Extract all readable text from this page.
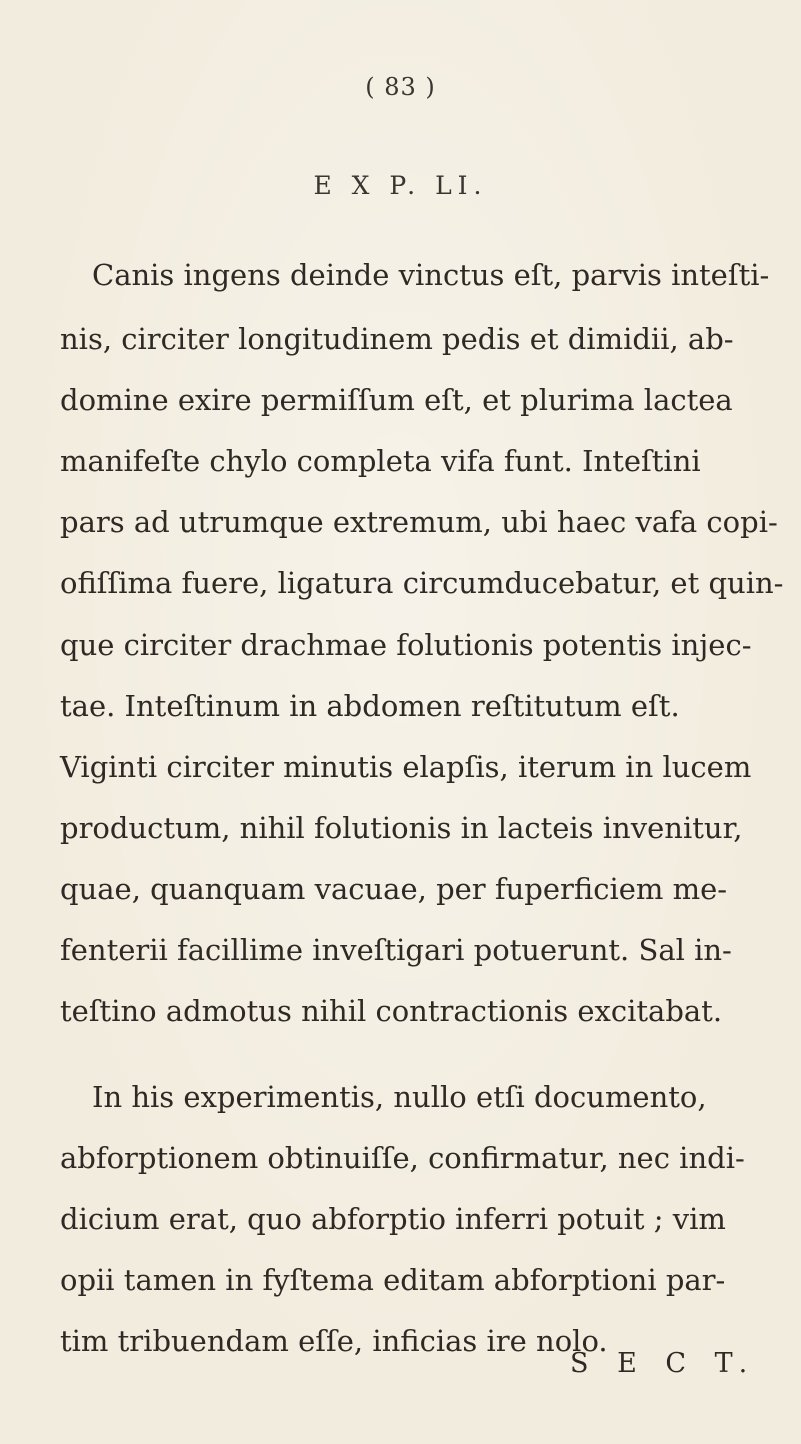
( 83 )
E X P. LI.
Canis ingens deinde vinctus eſt, parvis inteſti-
nis, circiter longitudinem pedis et dimidii, ab-
domine exire permiſſum eſt, et plurima lactea
manifeſte chylo completa vifa funt. Inteſtini
pars ad utrumque extremum, ubi haec vafa copi-
ofiſſima fuere, ligatura circumducebatur, et quin-
que circiter drachmae folutionis potentis injec-
tae. Inteſtinum in abdomen reſtitutum eſt.
Viginti circiter minutis elapſis, iterum in lucem
productum, nihil folutionis in lacteis invenitur,
quae, quanquam vacuae, per fuperficiem me-
fenterii facillime inveſtigari potuerunt. Sal in-
teſtino admotus nihil contractionis excitabat.
In his experimentis, nullo etſi documento,
abforptionem obtinuiſſe, confirmatur, nec indi-
dicium erat, quo abforptio inferri potuit ; vim
opii tamen in fyſtema editam abforptioni par-
tim tribuendam eſſe, inficias ire nolo.
S E C T.
